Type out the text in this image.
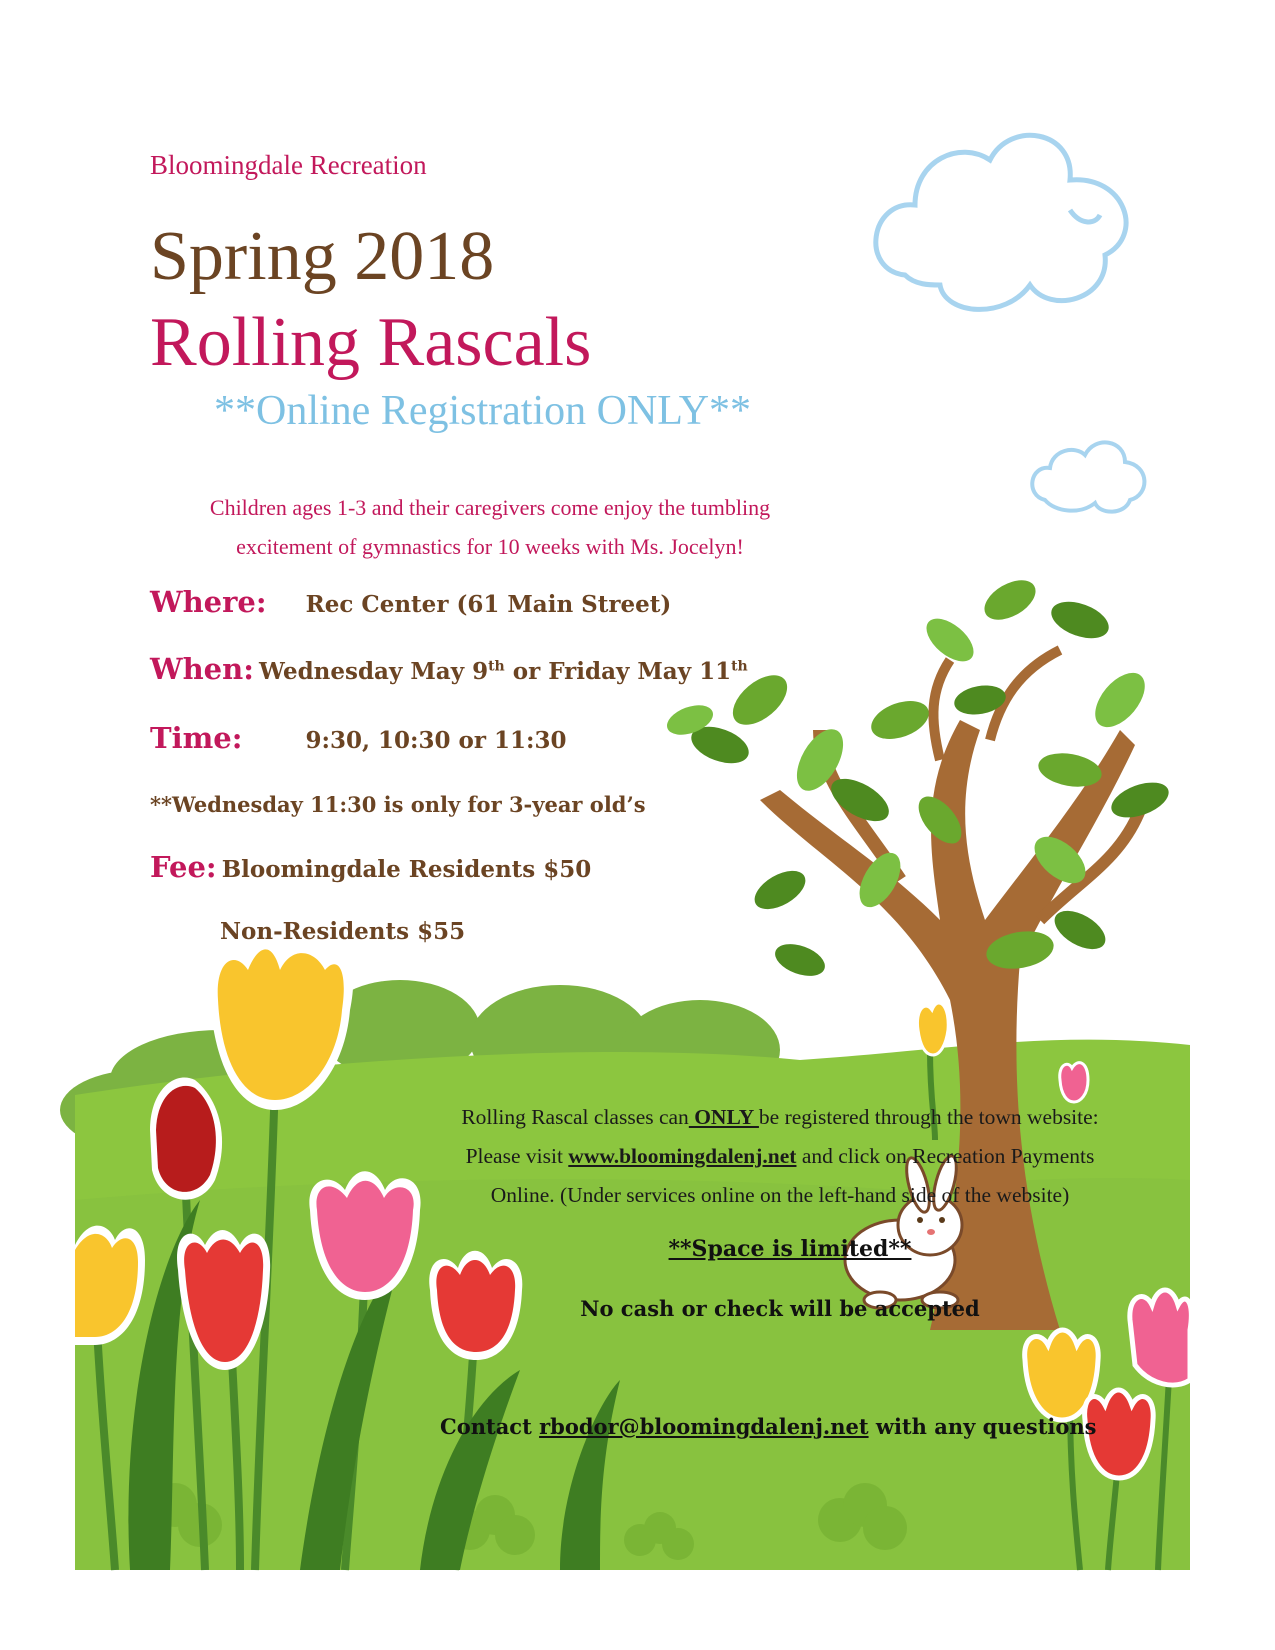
Bloomingdale Recreation
Spring 2018
Rolling Rascals
**Online Registration ONLY**
Children ages 1-3 and their caregivers come enjoy the tumbling
excitement of gymnastics for 10 weeks with Ms. Jocelyn!
Where: Rec Center (61 Main Street)
When: Wednesday May 9th or Friday May 11th
Time:	9:30, 10:30 or 11:30
**Wednesday 11:30 is only for 3-year old’s
Fee: Bloomingdale Residents $50
Non-Residents $55
Rolling Rascal classes can ONLY be registered through the town website:
Please visit www.bloomingdalenj.net and click on Recreation Payments
Online. (Under services online on the left-hand side of the website)
**Space is limited**
No cash or check will be accepted
Contact rbodor@bloomingdalenj.net with any questions
